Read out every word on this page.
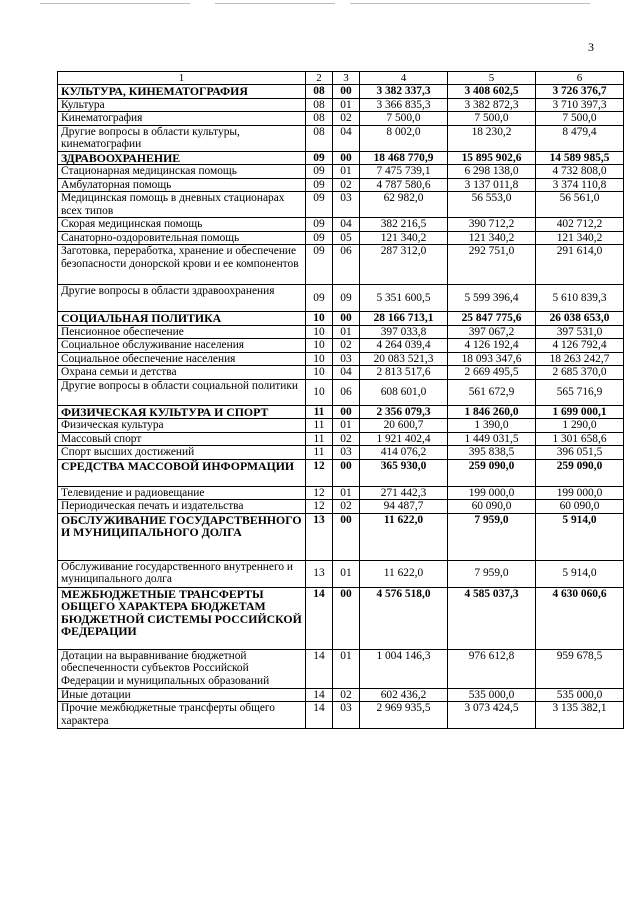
3
1	2	3	4	5	6
КУЛЬТУРА, КИНЕМАТОГРАФИЯ	08	00	3 382 337,3	3 408 602,5	3 726 376,7
Культура	08	01	3 366 835,3	3 382 872,3	3 710 397,3
Кинематография	08	02	7 500,0	7 500,0	7 500,0
Другие вопросы в области культуры, кинематографии	08	04	8 002,0	18 230,2	8 479,4
ЗДРАВООХРАНЕНИЕ	09	00	18 468 770,9	15 895 902,6	14 589 985,5
Стационарная медицинская помощь	09	01	7 475 739,1	6 298 138,0	4 732 808,0
Амбулаторная помощь	09	02	4 787 580,6	3 137 011,8	3 374 110,8
Медицинская помощь в дневных стационарах всех типов	09	03	62 982,0	56 553,0	56 561,0
Скорая медицинская помощь	09	04	382 216,5	390 712,2	402 712,2
Санаторно-оздоровительная помощь	09	05	121 340,2	121 340,2	121 340,2
Заготовка, переработка, хранение и обеспечение безопасности донорской крови и ее компонентов	09	06	287 312,0	292 751,0	291 614,0
Другие вопросы в области здравоохранения	09	09	5 351 600,5	5 599 396,4	5 610 839,3
СОЦИАЛЬНАЯ ПОЛИТИКА	10	00	28 166 713,1	25 847 775,6	26 038 653,0
Пенсионное обеспечение	10	01	397 033,8	397 067,2	397 531,0
Социальное обслуживание населения	10	02	4 264 039,4	4 126 192,4	4 126 792,4
Социальное обеспечение населения	10	03	20 083 521,3	18 093 347,6	18 263 242,7
Охрана семьи и детства	10	04	2 813 517,6	2 669 495,5	2 685 370,0
Другие вопросы в области социальной политики	10	06	608 601,0	561 672,9	565 716,9
ФИЗИЧЕСКАЯ КУЛЬТУРА И СПОРТ	11	00	2 356 079,3	1 846 260,0	1 699 000,1
Физическая культура	11	01	20 600,7	1 390,0	1 290,0
Массовый спорт	11	02	1 921 402,4	1 449 031,5	1 301 658,6
Спорт высших достижений	11	03	414 076,2	395 838,5	396 051,5
СРЕДСТВА МАССОВОЙ ИНФОРМАЦИИ	12	00	365 930,0	259 090,0	259 090,0
Телевидение и радиовещание	12	01	271 442,3	199 000,0	199 000,0
Периодическая печать и издательства	12	02	94 487,7	60 090,0	60 090,0
ОБСЛУЖИВАНИЕ ГОСУДАРСТВЕННОГО И МУНИЦИПАЛЬНОГО ДОЛГА	13	00	11 622,0	7 959,0	5 914,0
Обслуживание государственного внутреннего и муниципального долга	13	01	11 622,0	7 959,0	5 914,0
МЕЖБЮДЖЕТНЫЕ ТРАНСФЕРТЫ ОБЩЕГО ХАРАКТЕРА БЮДЖЕТАМ БЮДЖЕТНОЙ СИСТЕМЫ РОССИЙСКОЙ ФЕДЕРАЦИИ	14	00	4 576 518,0	4 585 037,3	4 630 060,6
Дотации на выравнивание бюджетной обеспеченности субъектов Российской Федерации и муниципальных образований	14	01	1 004 146,3	976 612,8	959 678,5
Иные дотации	14	02	602 436,2	535 000,0	535 000,0
Прочие межбюджетные трансферты общего характера	14	03	2 969 935,5	3 073 424,5	3 135 382,1
